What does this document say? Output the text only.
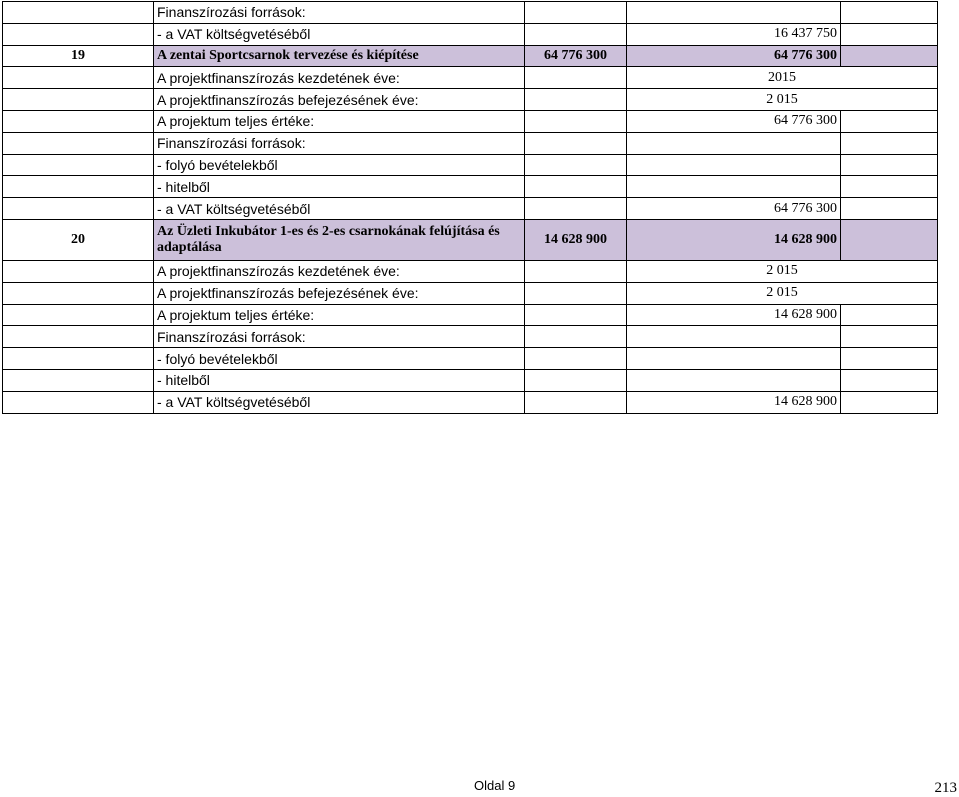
	Finanszírozási források:			
	- a VAT költségvetéséből		16 437 750	
19	A zentai Sportcsarnok tervezése és kiépítése	64 776 300	64 776 300	
	A projektfinanszírozás kezdetének éve:		2015	
	A projektfinanszírozás befejezésének éve:		2 015	
	A projektum teljes értéke:		64 776 300	
	Finanszírozási források:			
	- folyó bevételekből			
	- hitelből			
	- a VAT költségvetéséből		64 776 300	
20	Az Üzleti Inkubátor 1-es és 2-es csarnokának felújítása és adaptálása	14 628 900	14 628 900	
	A projektfinanszírozás kezdetének éve:		2 015	
	A projektfinanszírozás befejezésének éve:		2 015	
	A projektum teljes értéke:		14 628 900	
	Finanszírozási források:			
	- folyó bevételekből			
	- hitelből			
	- a VAT költségvetéséből		14 628 900	
Oldal 9	213
